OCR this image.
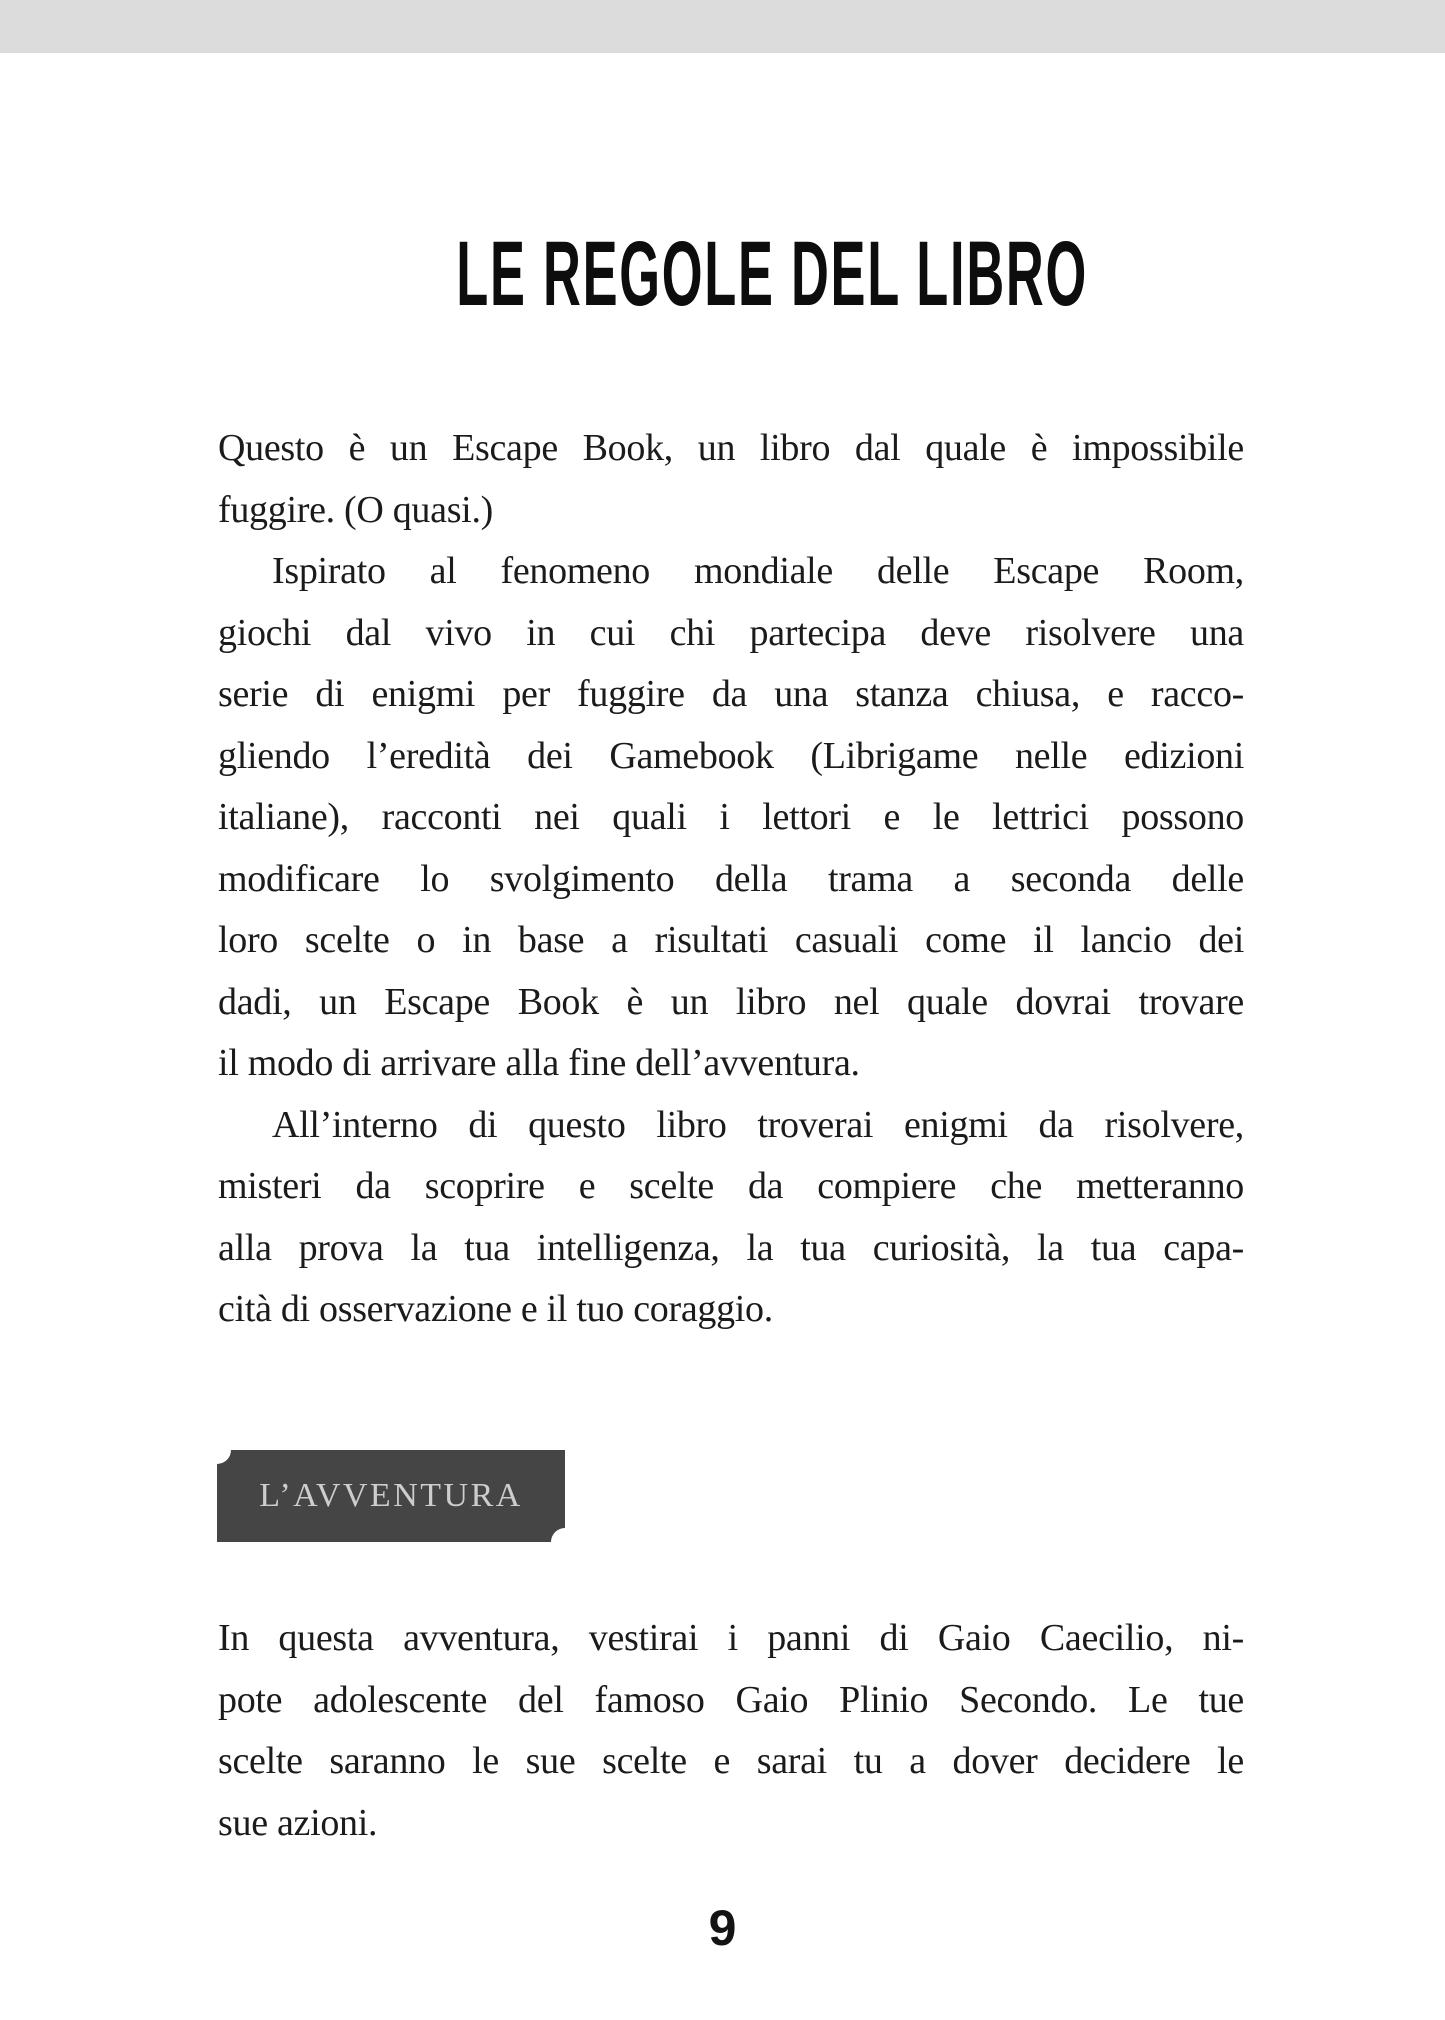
LE REGOLE DEL LIBRO

Questo è un Escape Book, un libro dal quale è impossibile
fuggire. (O quasi.)

Ispirato al fenomeno mondiale delle Escape Room,
giochi dal vivo in cui chi partecipa deve risolvere una
serie di enigmi per fuggire da una stanza chiusa, e racco-
gliendo l’eredità dei Gamebook (Librigame nelle edizioni
italiane), racconti nei quali i lettori e le lettrici possono
modificare lo svolgimento della trama a seconda delle
loro scelte o in base a risultati casuali come il lancio dei
dadi, un Escape Book è un libro nel quale dovrai trovare
il modo di arrivare alla fine dell’avventura.

All’interno di questo libro troverai enigmi da risolvere,
misteri da scoprire e scelte da compiere che metteranno
alla prova la tua intelligenza, la tua curiosità, la tua capa-
cità di osservazione e il tuo coraggio.

L’AVVENTURA

In questa avventura, vestirai i panni di Gaio Caecilio, ni-
pote adolescente del famoso Gaio Plinio Secondo. Le tue
scelte saranno le sue scelte e sarai tu a dover decidere le
sue azioni.

9
